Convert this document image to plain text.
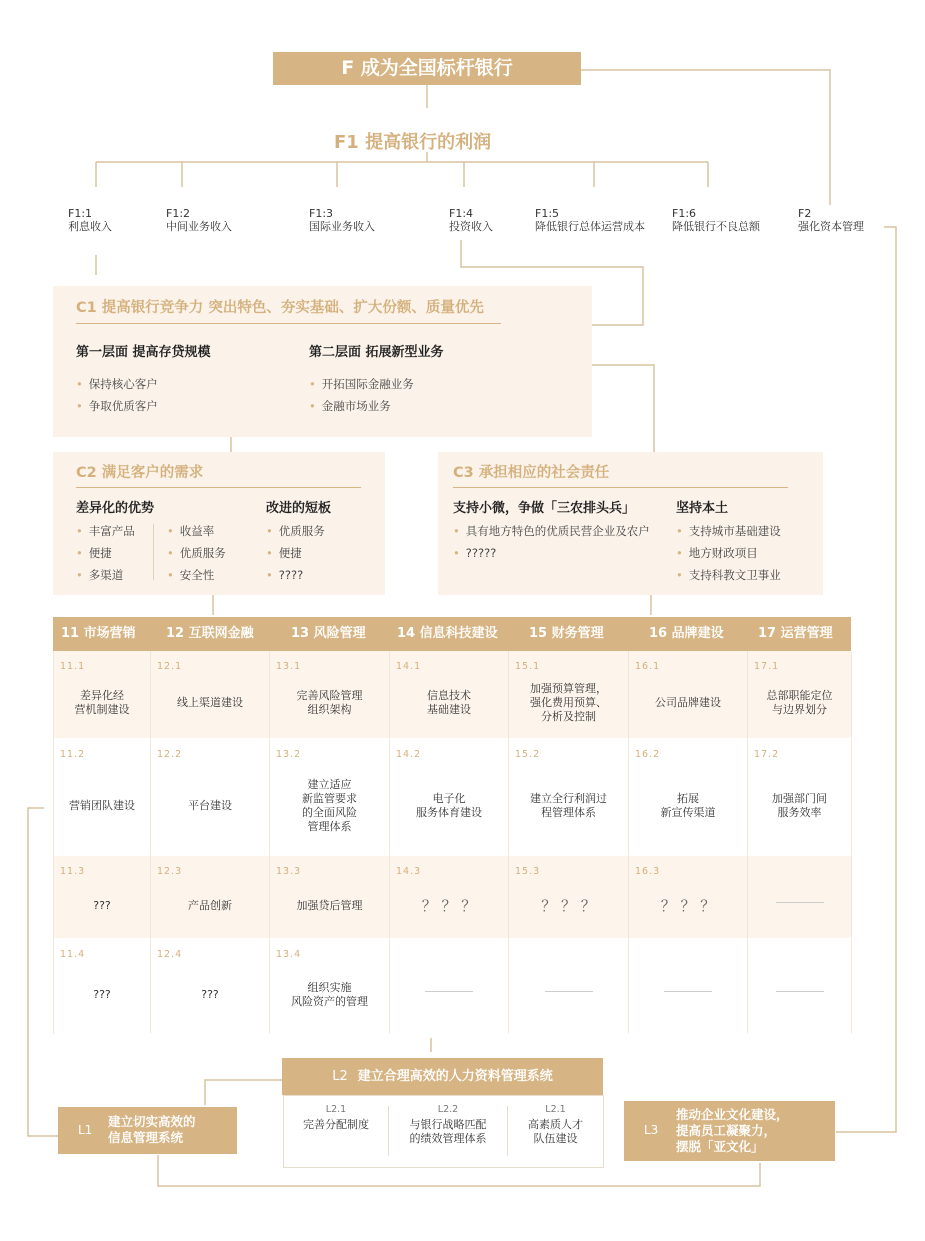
F 成为全国标杆银行
F1 提高银行的利润
F1:1
利息收入
F1:2
中间业务收入
F1:3
国际业务收入
F1:4
投资收入
F1:5
降低银行总体运营成本
F1:6
降低银行不良总额
F2
强化资本管理
C1 提高银行竞争力 突出特色、夯实基础、扩大份额、质量优先
第一层面 提高存贷规模
• 保持核心客户
• 争取优质客户
第二层面 拓展新型业务
• 开拓国际金融业务
• 金融市场业务
C2 满足客户的需求
差异化的优势
• 丰富产品
• 便捷
• 多渠道
• 收益率
• 优质服务
• 安全性
改进的短板
• 优质服务
• 便捷
• ????
C3 承担相应的社会责任
支持小微，争做「三农排头兵」
• 具有地方特色的优质民营企业及农户
• ?????
坚持本土
• 支持城市基础建设
• 地方财政项目
• 支持科教文卫事业
11 市场营销 12 互联网金融	13 风险管理 14 信息科技建设 15 财务管理	16 品牌建设	17 运营管理
11.1
差异化经
营机制建设
12.1
线上渠道建设
13.1
完善风险管理
组织架构
14.1
信息技术
基础建设
15.1
加强预算管理，
强化费用预算、
分析及控制
16.1
公司品牌建设
17.1
总部职能定位
与边界划分
11.2
营销团队建设
12.2
平台建设
13.2
建立适应
新监管要求
的全面风险
管理体系
14.2
电子化
服务体育建设
15.2
建立全行利润过
程管理体系
16.2
拓展
新宣传渠道
17.2
加强部门间
服务效率
11.3
???
12.3
产品创新
13.3
加强贷后管理
14.3
？ ？ ？
15.3
？ ？ ？
16.3
？ ？ ？
11.4
???
12.4
???
13.4
组织实施
风险资产的管理
L2 建立合理高效的人力资料管理系统
L2.1
完善分配制度
L2.2
与银行战略匹配
的绩效管理体系
L2.1
高素质人才
队伍建设
L1
建立切实高效的
信息管理系统	L3
推动企业文化建设，
提高员工凝聚力，
摆脱「亚文化」
